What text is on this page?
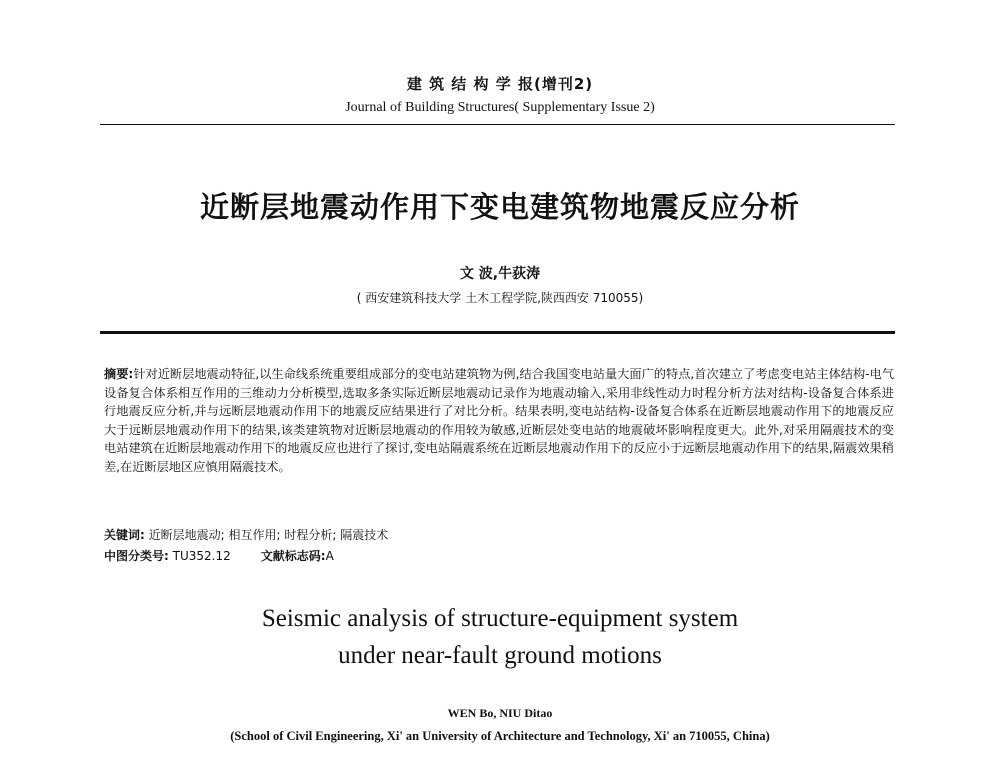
建 筑 结 构 学 报(增刊2)
Journal of Building Structures( Supplementary Issue 2)
近断层地震动作用下变电建筑物地震反应分析
文 波,牛荻涛
( 西安建筑科技大学 土木工程学院,陕西西安 710055)
摘要:针对近断层地震动特征,以生命线系统重要组成部分的变电站建筑物为例,结合我国变电站量大面广的特点,首次建立了考虑变电站主体结构-电气设备复合体系相互作用的三维动力分析模型,选取多条实际近断层地震动记录作为地震动输入,采用非线性动力时程分析方法对结构-设备复合体系进行地震反应分析,并与远断层地震动作用下的地震反应结果进行了对比分析。结果表明,变电站结构-设备复合体系在近断层地震动作用下的地震反应大于远断层地震动作用下的结果,该类建筑物对近断层地震动的作用较为敏感,近断层处变电站的地震破坏影响程度更大。此外,对采用隔震技术的变电站建筑在近断层地震动作用下的地震反应也进行了探讨,变电站隔震系统在近断层地震动作用下的反应小于远断层地震动作用下的结果,隔震效果稍差,在近断层地区应慎用隔震技术。
关键词: 近断层地震动; 相互作用; 时程分析; 隔震技术
中图分类号: TU352.12	文献标志码:A
Seismic analysis of structure-equipment system
under near-fault ground motions
WEN Bo, NIU Ditao
(School of Civil Engineering, Xi' an University of Architecture and Technology, Xi' an 710055, China)
